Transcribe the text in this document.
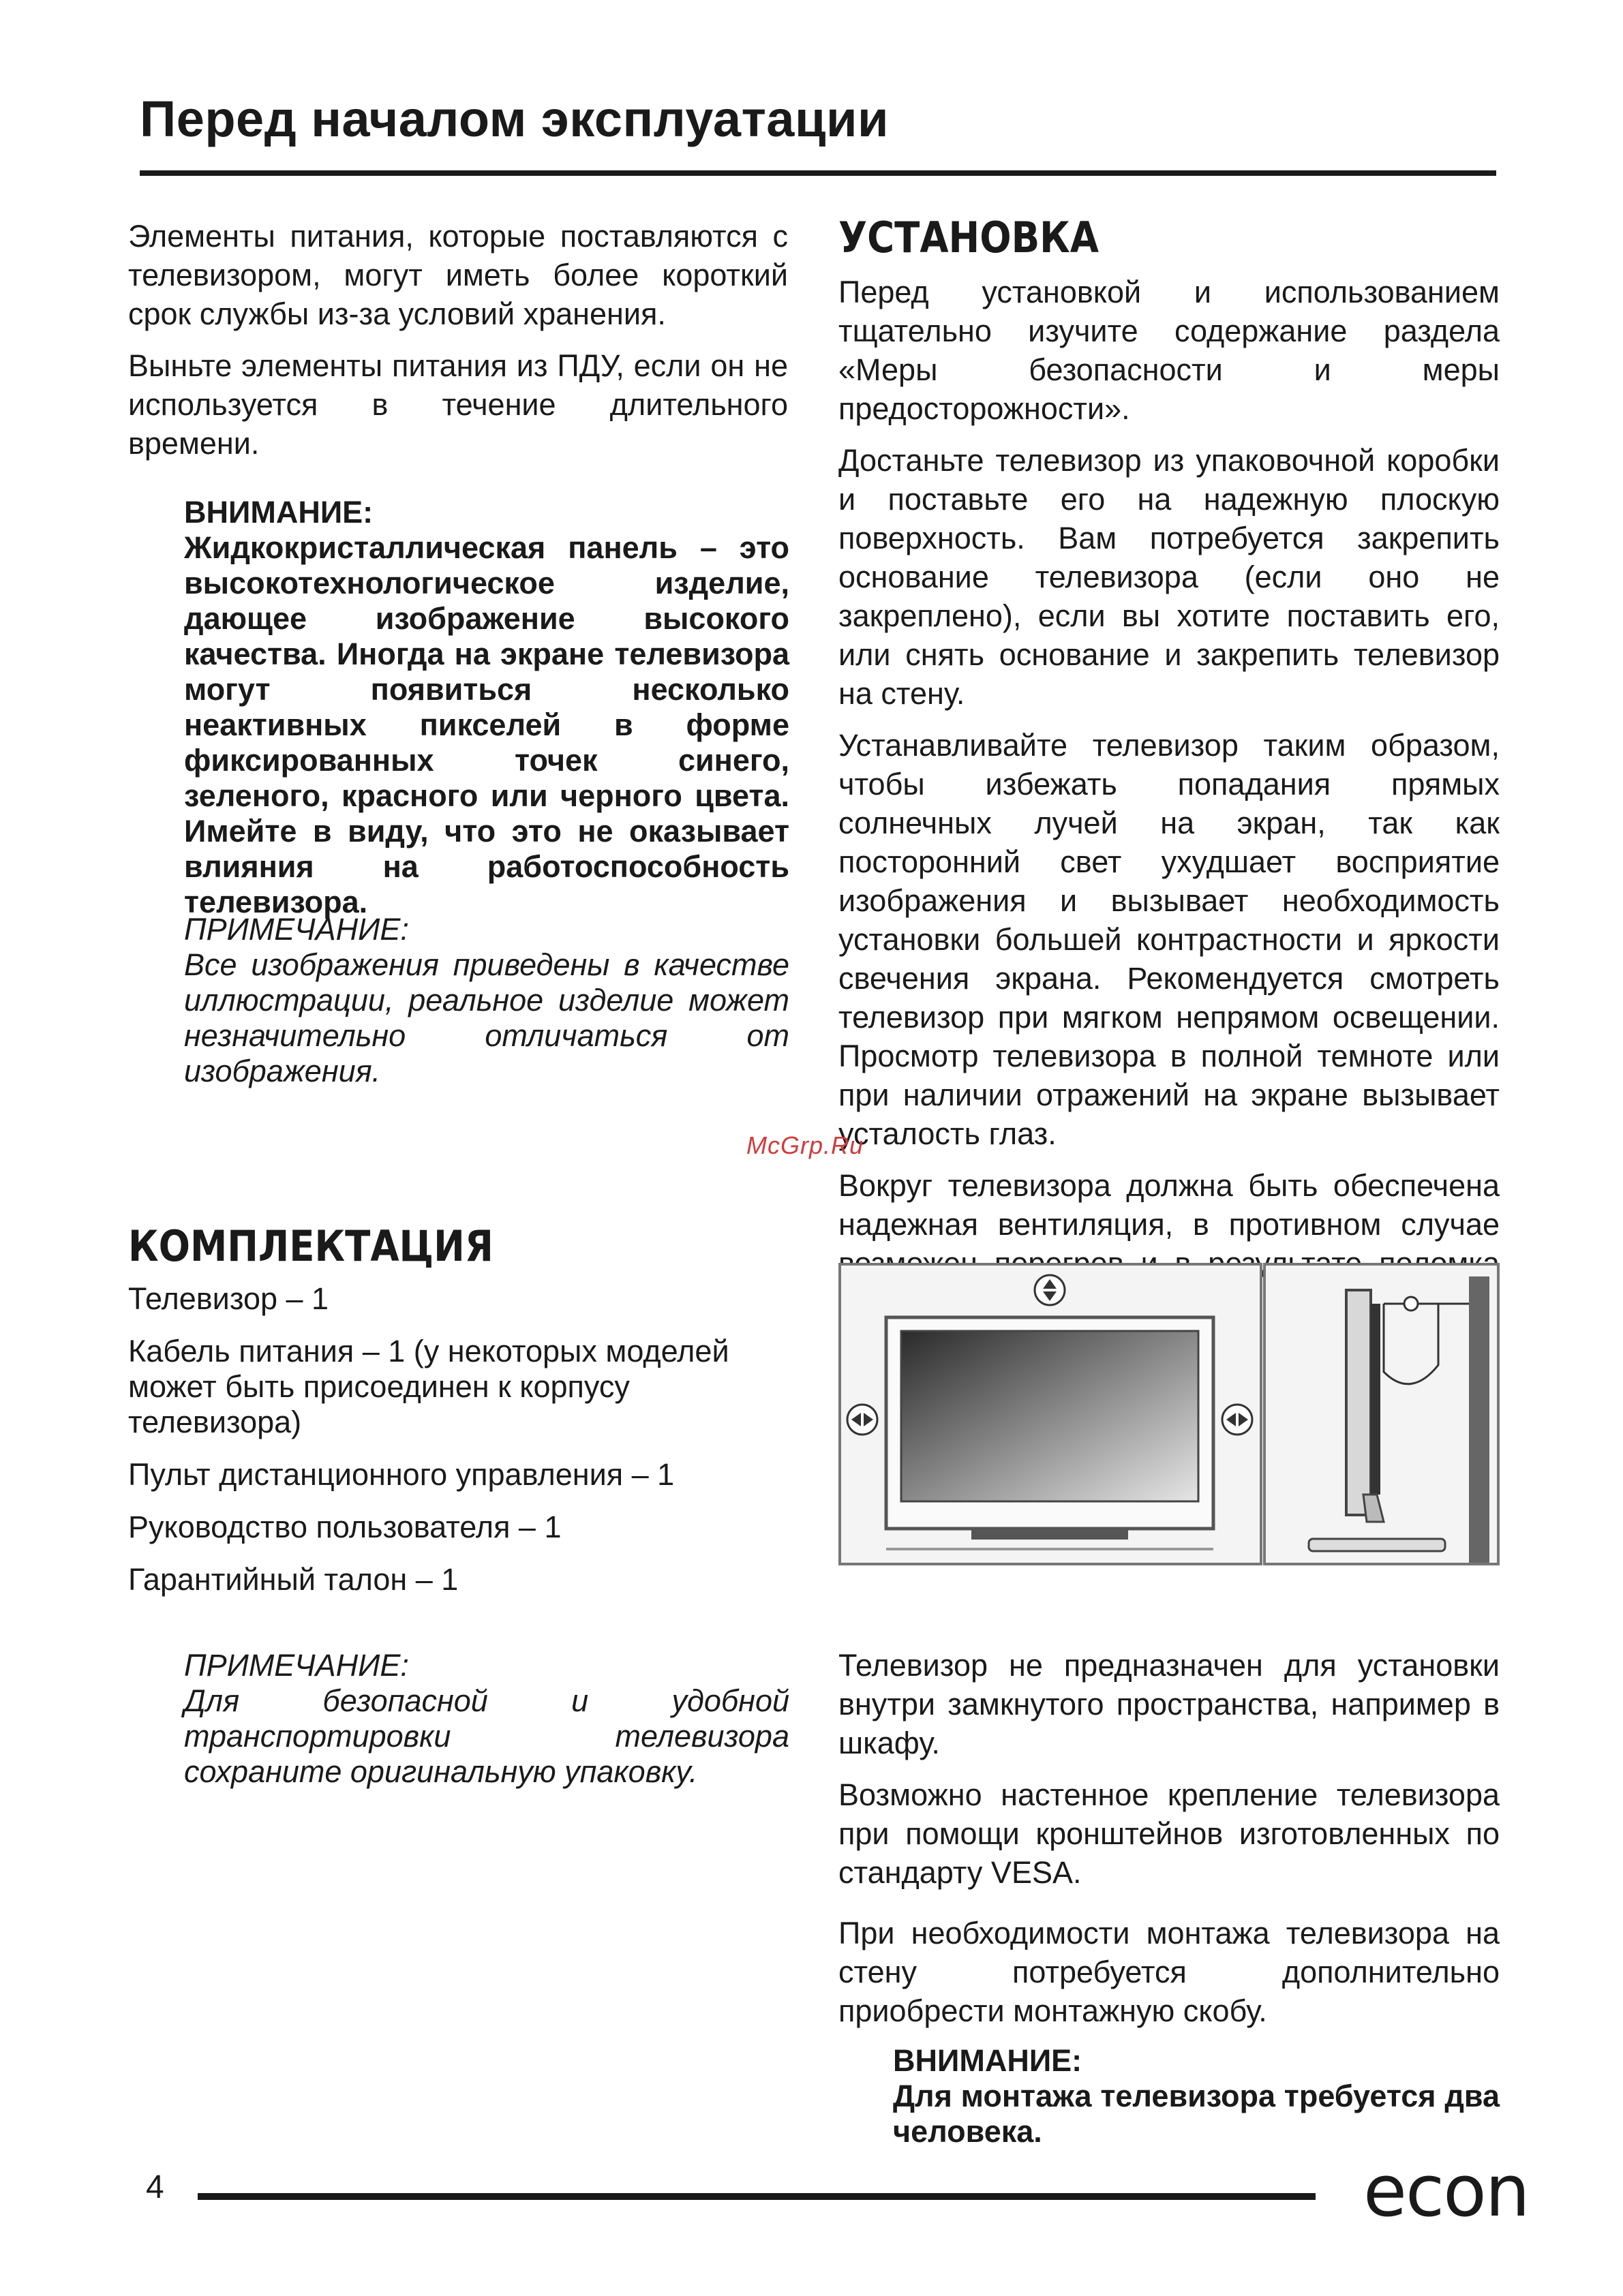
Перед началом эксплуатации

Элементы питания, которые поставляются с телевизором, могут иметь более короткий срок службы из-за условий хранения.

Выньте элементы питания из ПДУ, если он не используется в течение длительного времени.

ВНИМАНИЕ:
Жидкокристаллическая панель – это высокотехнологическое изделие, дающее изображение высокого качества. Иногда на экране телевизора могут появиться несколько неактивных пикселей в форме фиксированных точек синего, зеленого, красного или черного цвета. Имейте в виду, что это не оказывает влияния на работоспособность телевизора.
ПРИМЕЧАНИЕ:
Все изображения приведены в качестве иллюстрации, реальное изделие может незначительно отличаться от изображения.
КОМПЛЕКТАЦИЯ
Телевизор – 1
Кабель питания – 1 (у некоторых моделей может быть присоединен к корпусу телевизора)
Пульт дистанционного управления – 1
Руководство пользователя – 1
Гарантийный талон – 1
ПРИМЕЧАНИЕ:
Для безопасной и удобной транспортировки телевизора сохраните оригинальную упаковку.
УСТАНОВКА

Перед установкой и использованием тщательно изучите содержание раздела «Меры безопасности и меры предосторожности».

Достаньте телевизор из упаковочной коробки и поставьте его на надежную плоскую поверхность. Вам потребуется закрепить основание телевизора (если оно не закреплено), если вы хотите поставить его, или снять основание и закрепить телевизор на стену.

Устанавливайте телевизор таким образом, чтобы избежать попадания прямых солнечных лучей на экран, так как посторонний свет ухудшает восприятие изображения и вызывает необходимость установки большей контрастности и яркости свечения экрана. Рекомендуется смотреть телевизор при мягком непрямом освещении. Просмотр телевизора в полной темноте или при наличии отражений на экране вызывает усталость глаз.

Вокруг телевизора должна быть обеспечена надежная вентиляция, в противном случае

McGrp.Ru

Телевизор не предназначен для установки внутри замкнутого пространства, например в шкафу.

Возможно настенное крепление телевизора при помощи кронштейнов изготовленных по стандарту VESA.

При необходимости монтажа телевизора на стену потребуется дополнительно приобрести монтажную скобу.

ВНИМАНИЕ:
Для монтажа телевизора требуется два человека.
4	econ
